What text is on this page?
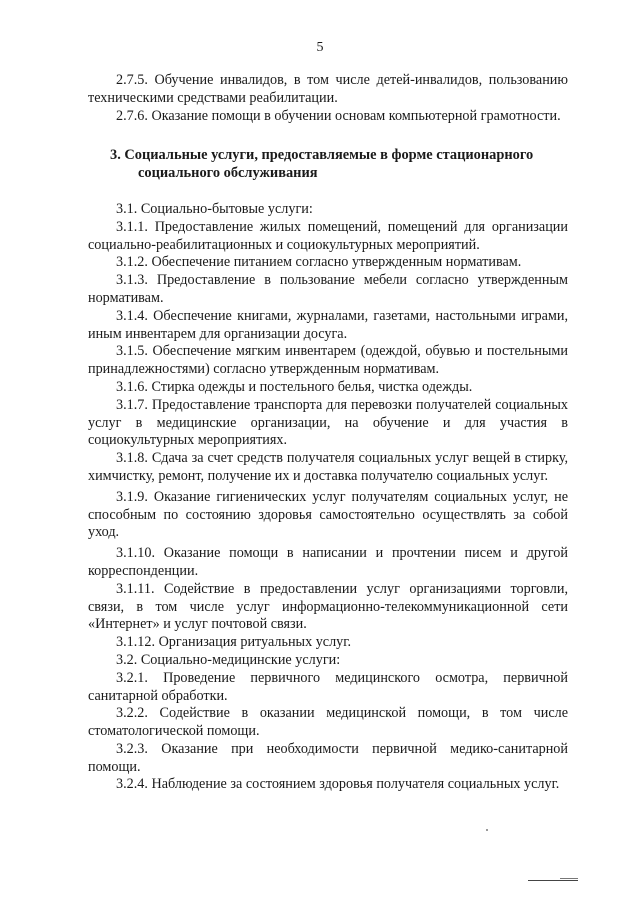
5

2.7.5. Обучение инвалидов, в том числе детей-инвалидов, пользованию техническими средствами реабилитации.

2.7.6. Оказание помощи в обучении основам компьютерной грамотности.

3. Социальные услуги, предоставляемые в форме стационарного социального обслуживания

3.1. Социально-бытовые услуги:

3.1.1. Предоставление жилых помещений, помещений для организации социально-реабилитационных и социокультурных мероприятий.

3.1.2. Обеспечение питанием согласно утвержденным нормативам.

3.1.3. Предоставление в пользование мебели согласно утвержденным нормативам.

3.1.4. Обеспечение книгами, журналами, газетами, настольными играми, иным инвентарем для организации досуга.

3.1.5. Обеспечение мягким инвентарем (одеждой, обувью и постельными принадлежностями) согласно утвержденным нормативам.

3.1.6. Стирка одежды и постельного белья, чистка одежды.

3.1.7. Предоставление транспорта для перевозки получателей социальных услуг в медицинские организации, на обучение и для участия в социокультурных мероприятиях.

3.1.8. Сдача за счет средств получателя социальных услуг вещей в стирку, химчистку, ремонт, получение их и доставка получателю социальных услуг.

3.1.9. Оказание гигиенических услуг получателям социальных услуг, не способным по состоянию здоровья самостоятельно осуществлять за собой уход.

3.1.10. Оказание помощи в написании и прочтении писем и другой корреспонденции.

3.1.11. Содействие в предоставлении услуг организациями торговли, связи, в том числе услуг информационно-телекоммуникационной сети «Интернет» и услуг почтовой связи.

3.1.12. Организация ритуальных услуг.

3.2. Социально-медицинские услуги:

3.2.1. Проведение первичного медицинского осмотра, первичной санитарной обработки.

3.2.2. Содействие в оказании медицинской помощи, в том числе стоматологической помощи.

3.2.3. Оказание при необходимости первичной медико-санитарной помощи.

3.2.4. Наблюдение за состоянием здоровья получателя социальных услуг.
